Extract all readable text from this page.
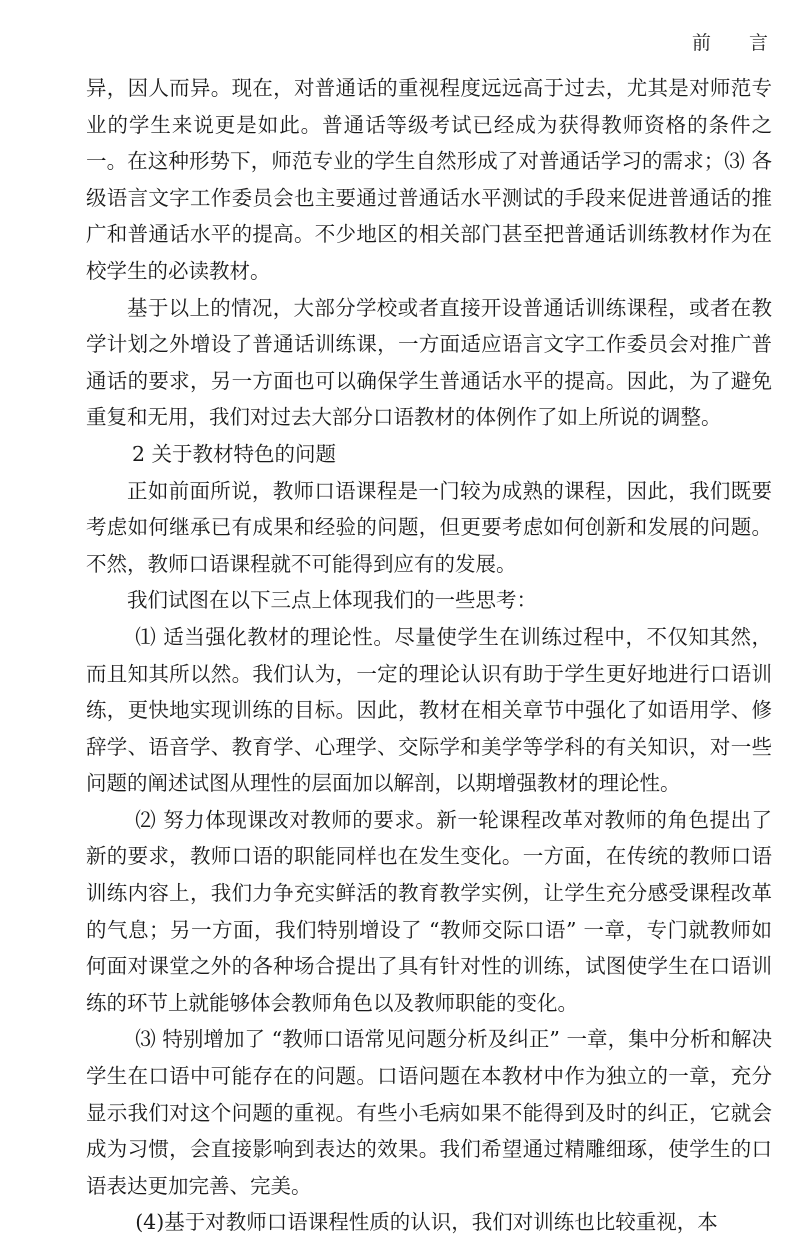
前 言

异，因人而异。现在，对普通话的重视程度远远高于过去，尤其是对师范专业的学生来说更是如此。普通话等级考试已经成为获得教师资格的条件之一。在这种形势下，师范专业的学生自然形成了对普通话学习的需求；⑶ 各级语言文字工作委员会也主要通过普通话水平测试的手段来促进普通话的推广和普通话水平的提高。不少地区的相关部门甚至把普通话训练教材作为在校学生的必读教材。

基于以上的情况，大部分学校或者直接开设普通话训练课程，或者在教学计划之外增设了普通话训练课，一方面适应语言文字工作委员会对推广普通话的要求，另一方面也可以确保学生普通话水平的提高。因此，为了避免重复和无用，我们对过去大部分口语教材的体例作了如上所说的调整。

2 关于教材特色的问题

正如前面所说，教师口语课程是一门较为成熟的课程，因此，我们既要考虑如何继承已有成果和经验的问题，但更要考虑如何创新和发展的问题。不然，教师口语课程就不可能得到应有的发展。

我们试图在以下三点上体现我们的一些思考：

⑴ 适当强化教材的理论性。尽量使学生在训练过程中，不仅知其然，而且知其所以然。我们认为，一定的理论认识有助于学生更好地进行口语训练，更快地实现训练的目标。因此，教材在相关章节中强化了如语用学、修辞学、语音学、教育学、心理学、交际学和美学等学科的有关知识，对一些问题的阐述试图从理性的层面加以解剖，以期增强教材的理论性。

⑵ 努力体现课改对教师的要求。新一轮课程改革对教师的角色提出了新的要求，教师口语的职能同样也在发生变化。一方面，在传统的教师口语训练内容上，我们力争充实鲜活的教育教学实例，让学生充分感受课程改革的气息；另一方面，我们特别增设了 “教师交际口语” 一章，专门就教师如何面对课堂之外的各种场合提出了具有针对性的训练，试图使学生在口语训练的环节上就能够体会教师角色以及教师职能的变化。

⑶ 特别增加了 “教师口语常见问题分析及纠正” 一章，集中分析和解决学生在口语中可能存在的问题。口语问题在本教材中作为独立的一章，充分显示我们对这个问题的重视。有些小毛病如果不能得到及时的纠正，它就会成为习惯，会直接影响到表达的效果。我们希望通过精雕细琢，使学生的口语表达更加完善、完美。

(4)基于对教师口语课程性质的认识，我们对训练也比较重视，本
